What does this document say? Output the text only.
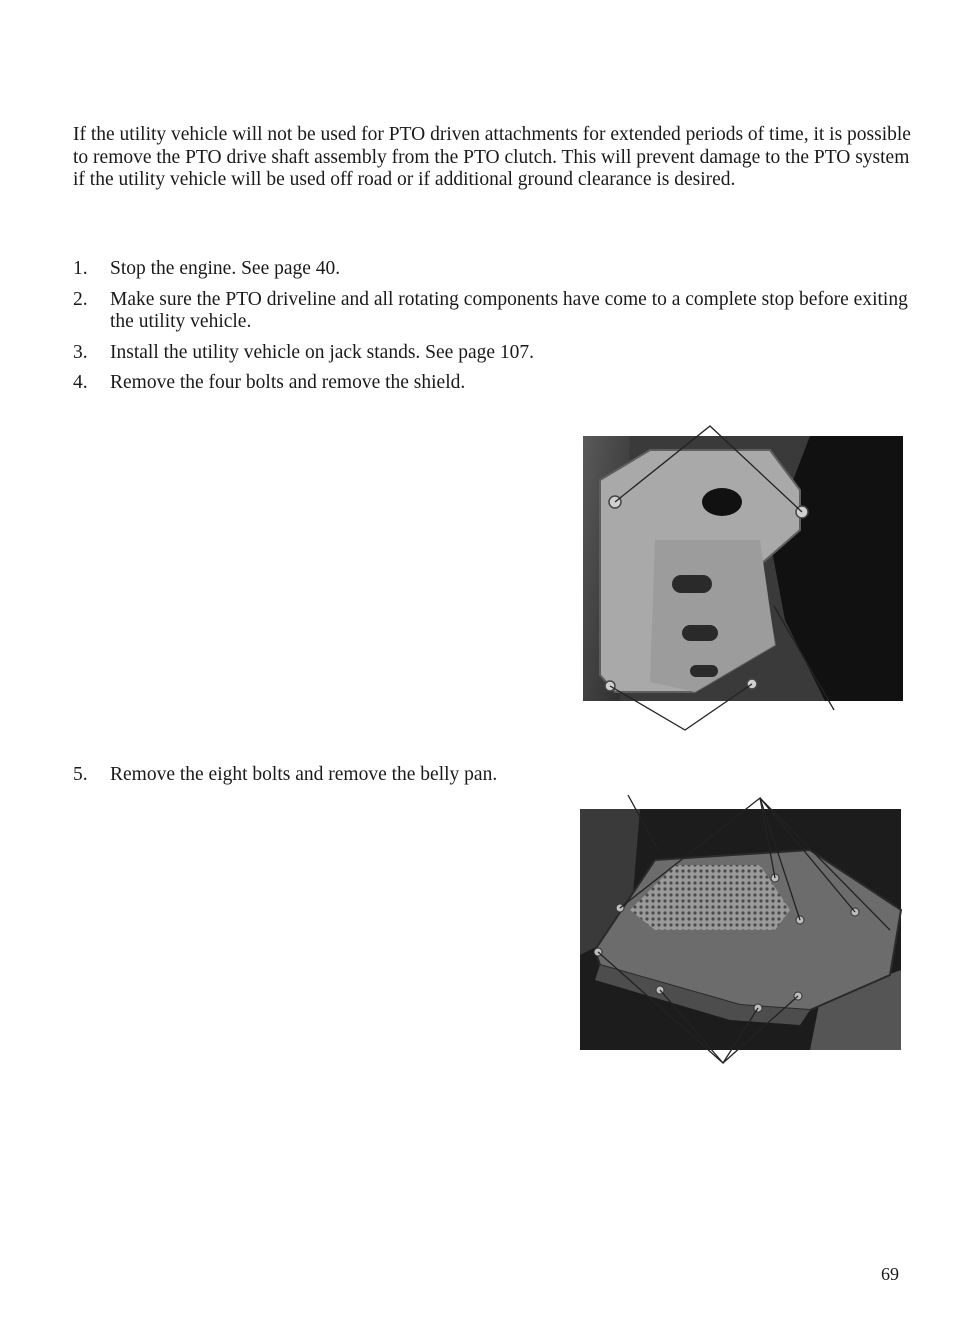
If the utility vehicle will not be used for PTO driven attachments for extended periods of time, it is possible to remove the PTO drive shaft assembly from the PTO clutch. This will prevent damage to the PTO system if the utility vehicle will be used off road or if additional ground clearance is desired.

1. Stop the engine. See page 40.

2. Make sure the PTO driveline and all rotating components have come to a complete stop before exiting the utility vehicle.

3. Install the utility vehicle on jack stands. See page 107.

4. Remove the four bolts and remove the shield.

5. Remove the eight bolts and remove the belly pan.

69
